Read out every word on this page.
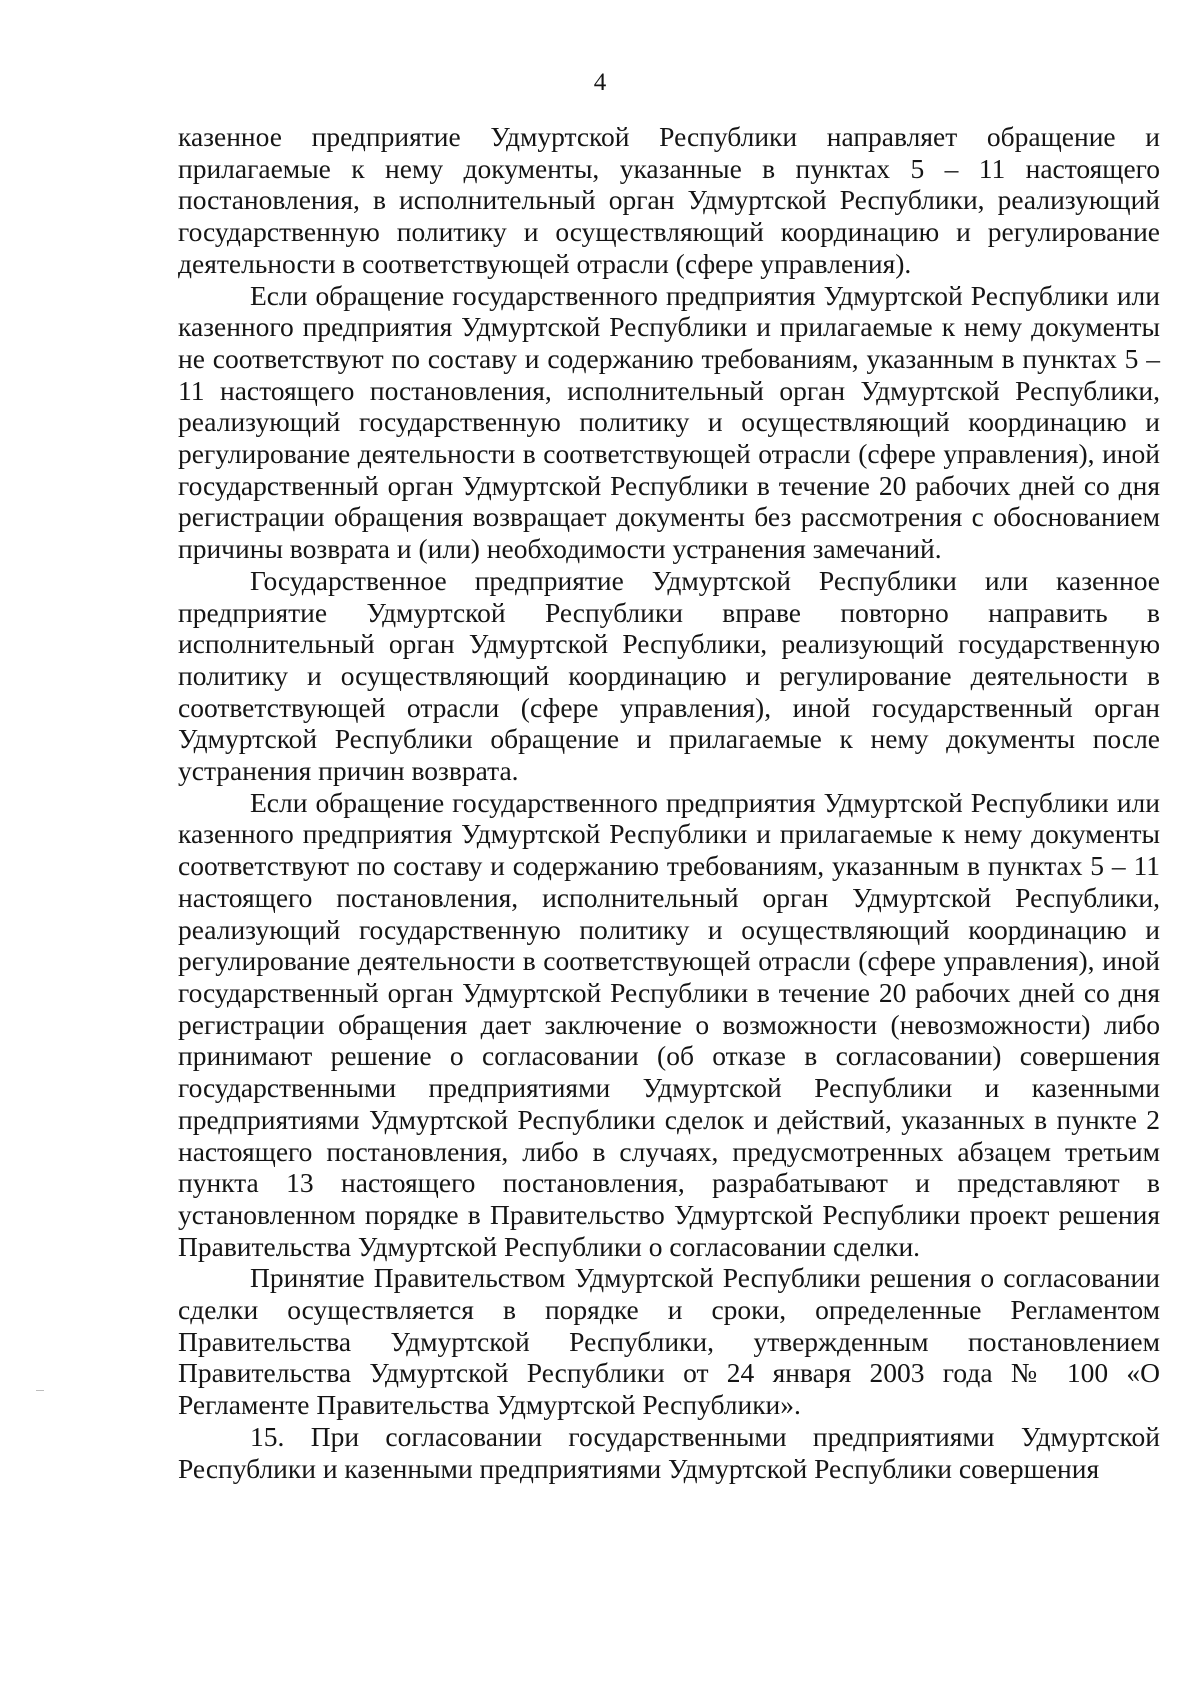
4

казенное предприятие Удмуртской Республики направляет обращение и прилагаемые к нему документы, указанные в пунктах 5 – 11 настоящего постановления, в исполнительный орган Удмуртской Республики, реализующий государственную политику и осуществляющий координацию и регулирование деятельности в соответствующей отрасли (сфере управления).

Если обращение государственного предприятия Удмуртской Республики или казенного предприятия Удмуртской Республики и прилагаемые к нему документы не соответствуют по составу и содержанию требованиям, указанным в пунктах 5 – 11 настоящего постановления, исполнительный орган Удмуртской Республики, реализующий государственную политику и осуществляющий координацию и регулирование деятельности в соответствующей отрасли (сфере управления), иной государственный орган Удмуртской Республики в течение 20 рабочих дней со дня регистрации обращения возвращает документы без рассмотрения с обоснованием причины возврата и (или) необходимости устранения замечаний.

Государственное предприятие Удмуртской Республики или казенное предприятие Удмуртской Республики вправе повторно направить в исполнительный орган Удмуртской Республики, реализующий государственную политику и осуществляющий координацию и регулирование деятельности в соответствующей отрасли (сфере управления), иной государственный орган Удмуртской Республики обращение и прилагаемые к нему документы после устранения причин возврата.

Если обращение государственного предприятия Удмуртской Республики или казенного предприятия Удмуртской Республики и прилагаемые к нему документы соответствуют по составу и содержанию требованиям, указанным в пунктах 5 – 11 настоящего постановления, исполнительный орган Удмуртской Республики, реализующий государственную политику и осуществляющий координацию и регулирование деятельности в соответствующей отрасли (сфере управления), иной государственный орган Удмуртской Республики в течение 20 рабочих дней со дня регистрации обращения дает заключение о возможности (невозможности) либо принимают решение о согласовании (об отказе в согласовании) совершения государственными предприятиями Удмуртской Республики и казенными предприятиями Удмуртской Республики сделок и действий, указанных в пункте 2 настоящего постановления, либо в случаях, предусмотренных абзацем третьим пункта 13 настоящего постановления, разрабатывают и представляют в установленном порядке в Правительство Удмуртской Республики проект решения Правительства Удмуртской Республики о согласовании сделки.

Принятие Правительством Удмуртской Республики решения о согласовании сделки осуществляется в порядке и сроки, определенные Регламентом Правительства Удмуртской Республики, утвержденным постановлением Правительства Удмуртской Республики от 24 января 2003 года № 100 «О Регламенте Правительства Удмуртской Республики».

15. При согласовании государственными предприятиями Удмуртской Республики и казенными предприятиями Удмуртской Республики совершения
